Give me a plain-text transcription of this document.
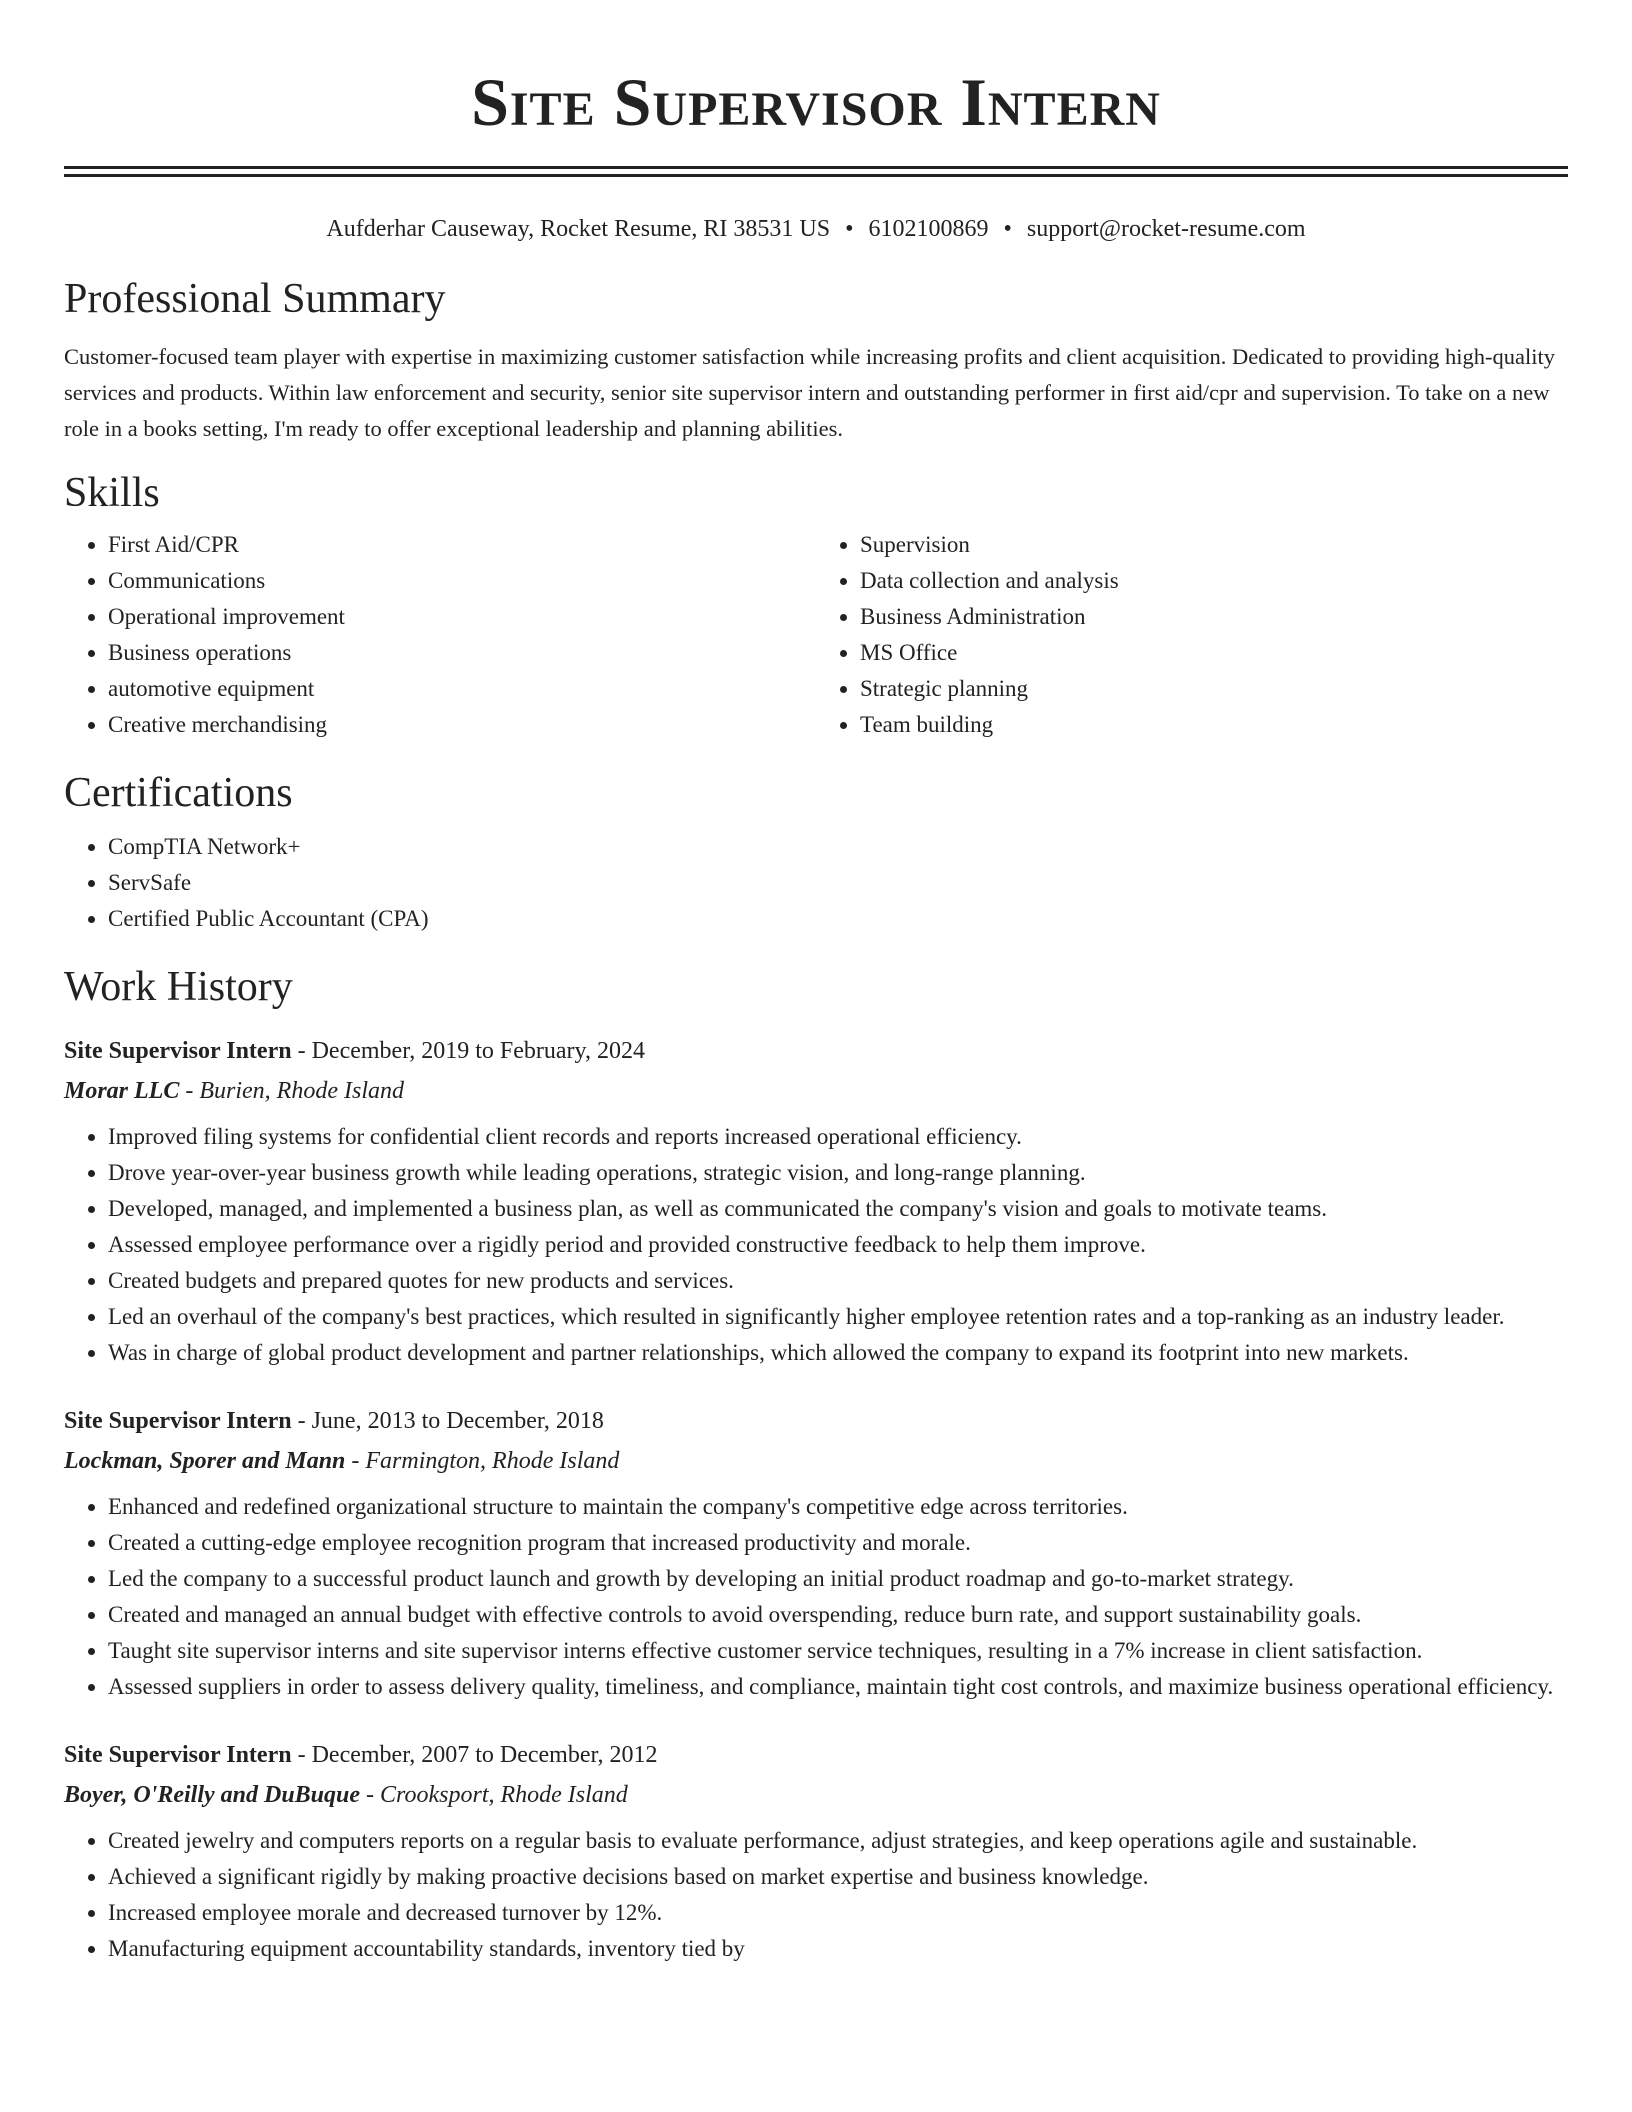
Site Supervisor Intern
Aufderhar Causeway, Rocket Resume, RI 38531 US • 6102100869 • support@rocket-resume.com
Professional Summary

Customer-focused team player with expertise in maximizing customer satisfaction while increasing profits and client acquisition. Dedicated to providing high-quality services and products. Within law enforcement and security, senior site supervisor intern and outstanding performer in first aid/cpr and supervision. To take on a new role in a books setting, I'm ready to offer exceptional leadership and planning abilities.

Skills
• First Aid/CPR
• Communications
• Operational improvement
• Business operations
• automotive equipment
• Creative merchandising
• Supervision
• Data collection and analysis
• Business Administration
• MS Office
• Strategic planning
• Team building
Certifications
• CompTIA Network+
• ServSafe
• Certified Public Accountant (CPA)
Work History
Site Supervisor Intern - December, 2019 to February, 2024
Morar LLC - Burien, Rhode Island
• Improved filing systems for confidential client records and reports increased operational efficiency.
• Drove year-over-year business growth while leading operations, strategic vision, and long-range planning.
• Developed, managed, and implemented a business plan, as well as communicated the company's vision and goals to motivate teams.
• Assessed employee performance over a rigidly period and provided constructive feedback to help them improve.
• Created budgets and prepared quotes for new products and services.
• Led an overhaul of the company's best practices, which resulted in significantly higher employee retention rates and a top-ranking as an industry leader.
• Was in charge of global product development and partner relationships, which allowed the company to expand its footprint into new markets.
Site Supervisor Intern - June, 2013 to December, 2018
Lockman, Sporer and Mann - Farmington, Rhode Island
• Enhanced and redefined organizational structure to maintain the company's competitive edge across territories.
• Created a cutting-edge employee recognition program that increased productivity and morale.
• Led the company to a successful product launch and growth by developing an initial product roadmap and go-to-market strategy.
• Created and managed an annual budget with effective controls to avoid overspending, reduce burn rate, and support sustainability goals.
• Taught site supervisor interns and site supervisor interns effective customer service techniques, resulting in a 7% increase in client satisfaction.
• Assessed suppliers in order to assess delivery quality, timeliness, and compliance, maintain tight cost controls, and maximize business operational efficiency.
Site Supervisor Intern - December, 2007 to December, 2012
Boyer, O'Reilly and DuBuque - Crooksport, Rhode Island
• Created jewelry and computers reports on a regular basis to evaluate performance, adjust strategies, and keep operations agile and sustainable.
• Achieved a significant rigidly by making proactive decisions based on market expertise and business knowledge.
• Increased employee morale and decreased turnover by 12%.
• Manufacturing equipment accountability standards, inventory tied by
